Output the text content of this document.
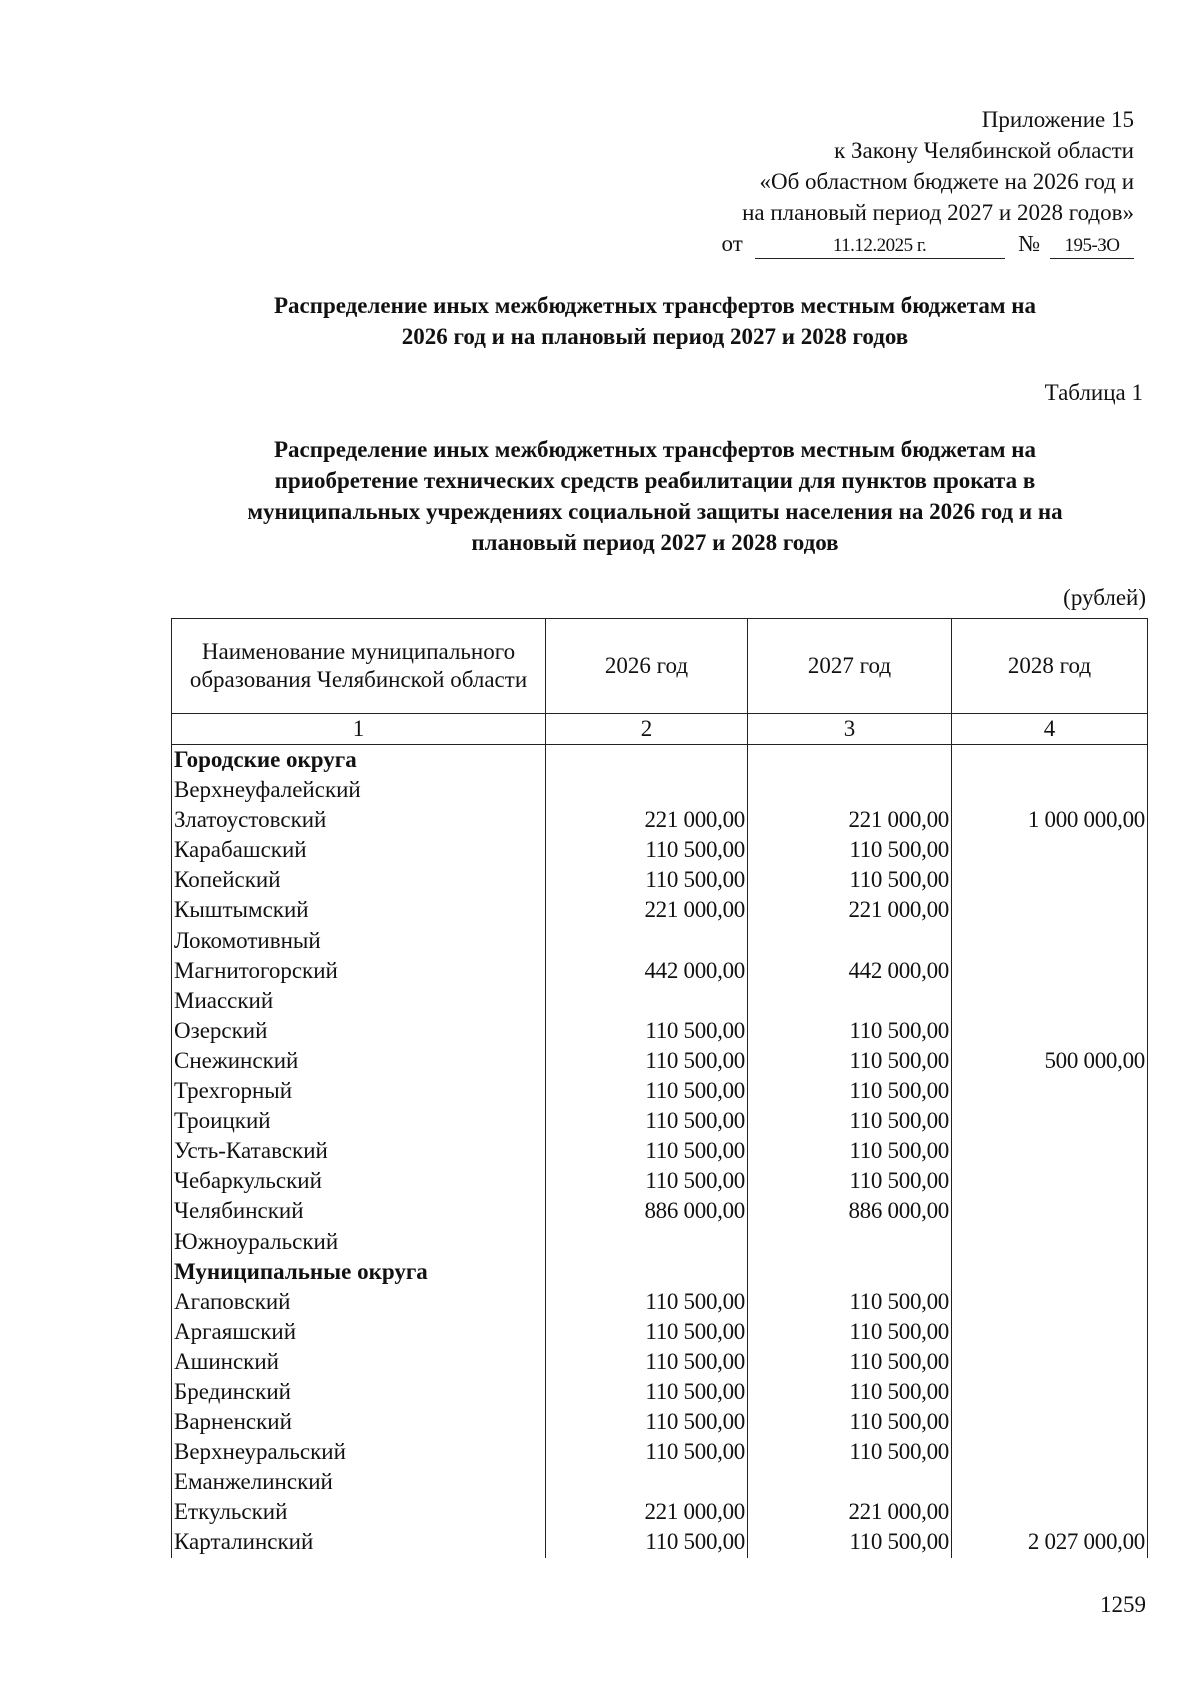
Приложение 15
к Закону Челябинской области
«Об областном бюджете на 2026 год и
на плановый период 2027 и 2028 годов»
от	11.12.2025 г.	№ 195-ЗО
Распределение иных межбюджетных трансфертов местным бюджетам на
2026 год и на плановый период 2027 и 2028 годов
Таблица 1
Распределение иных межбюджетных трансфертов местным бюджетам на
приобретение технических средств реабилитации для пунктов проката в
муниципальных учреждениях социальной защиты населения на 2026 год и на
плановый период 2027 и 2028 годов
(рублей)
Наименование муниципального образования Челябинской области
2026 год	2027 год	2028 год
1	2	3	4
Городские округа
Верхнеуфалейский
Златоустовский	221 000,00	221 000,00	1 000 000,00
Карабашский	110 500,00	110 500,00
Копейский	110 500,00	110 500,00
Кыштымский	221 000,00	221 000,00
Локомотивный
Магнитогорский	442 000,00	442 000,00
Миасский
Озерский	110 500,00	110 500,00
Снежинский	110 500,00	110 500,00	500 000,00
Трехгорный	110 500,00	110 500,00
Троицкий	110 500,00	110 500,00
Усть-Катавский	110 500,00	110 500,00
Чебаркульский	110 500,00	110 500,00
Челябинский	886 000,00	886 000,00
Южноуральский
Муниципальные округа
Агаповский	110 500,00	110 500,00
Аргаяшский	110 500,00	110 500,00
Ашинский	110 500,00	110 500,00
Брединский	110 500,00	110 500,00
Варненский	110 500,00	110 500,00
Верхнеуральский	110 500,00	110 500,00
Еманжелинский
Еткульский	221 000,00	221 000,00
Карталинский	110 500,00	110 500,00	2 027 000,00
1259
